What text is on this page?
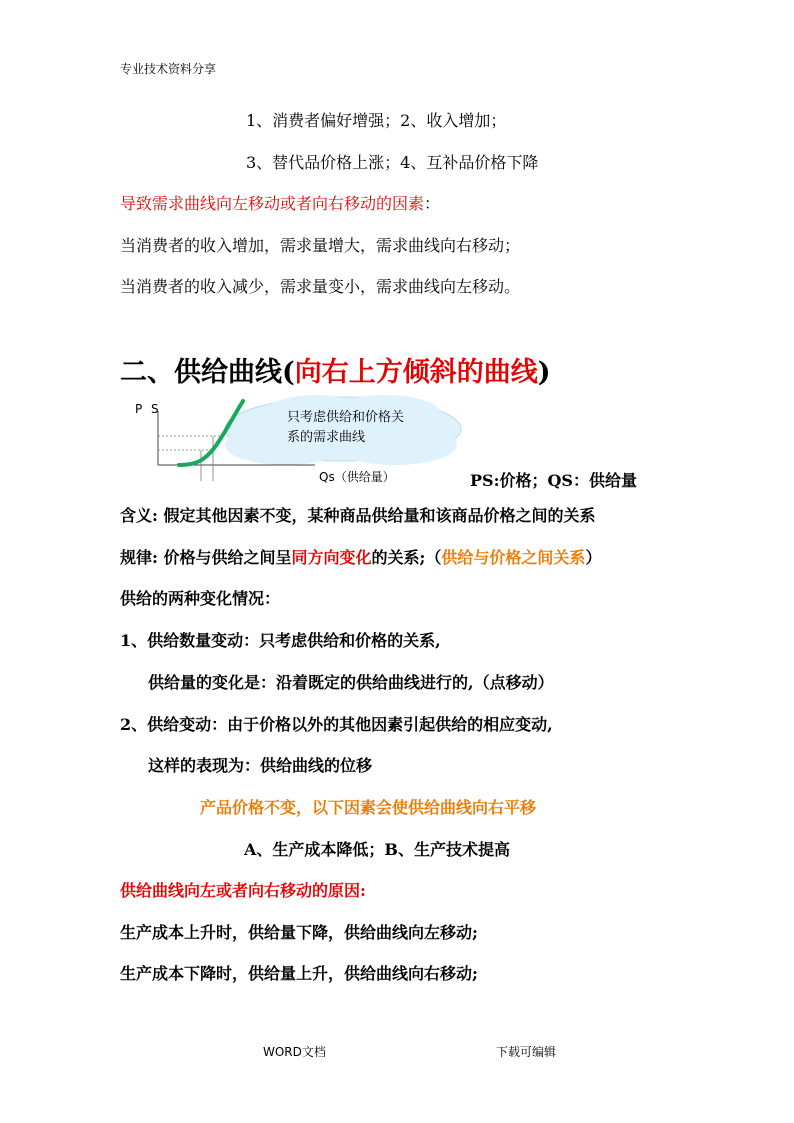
专业技术资料分享
1、消费者偏好增强；2、收入增加；
3、替代品价格上涨；4、互补品价格下降
导致需求曲线向左移动或者向右移动的因素：
当消费者的收入增加，需求量增大，需求曲线向右移动；
当消费者的收入减少，需求量变小，需求曲线向左移动。
二、供给曲线(向右上方倾斜的曲线)
只考虑供给和价格关
系的需求曲线
P S
Qs（供给量）	PS:价格；QS：供给量
含义: 假定其他因素不变，某种商品供给量和该商品价格之间的关系
规律: 价格与供给之间呈同方向变化的关系;（供给与价格之间关系）
供给的两种变化情况：
1、供给数量变动：只考虑供给和价格的关系,
供给量的变化是：沿着既定的供给曲线进行的,（点移动）
2、供给变动：由于价格以外的其他因素引起供给的相应变动,
这样的表现为：供给曲线的位移
产品价格不变，以下因素会使供给曲线向右平移
A、生产成本降低；B、生产技术提高
供给曲线向左或者向右移动的原因:
生产成本上升时，供给量下降，供给曲线向左移动;
生产成本下降时，供给量上升，供给曲线向右移动;
WORD文档	下载可编辑
